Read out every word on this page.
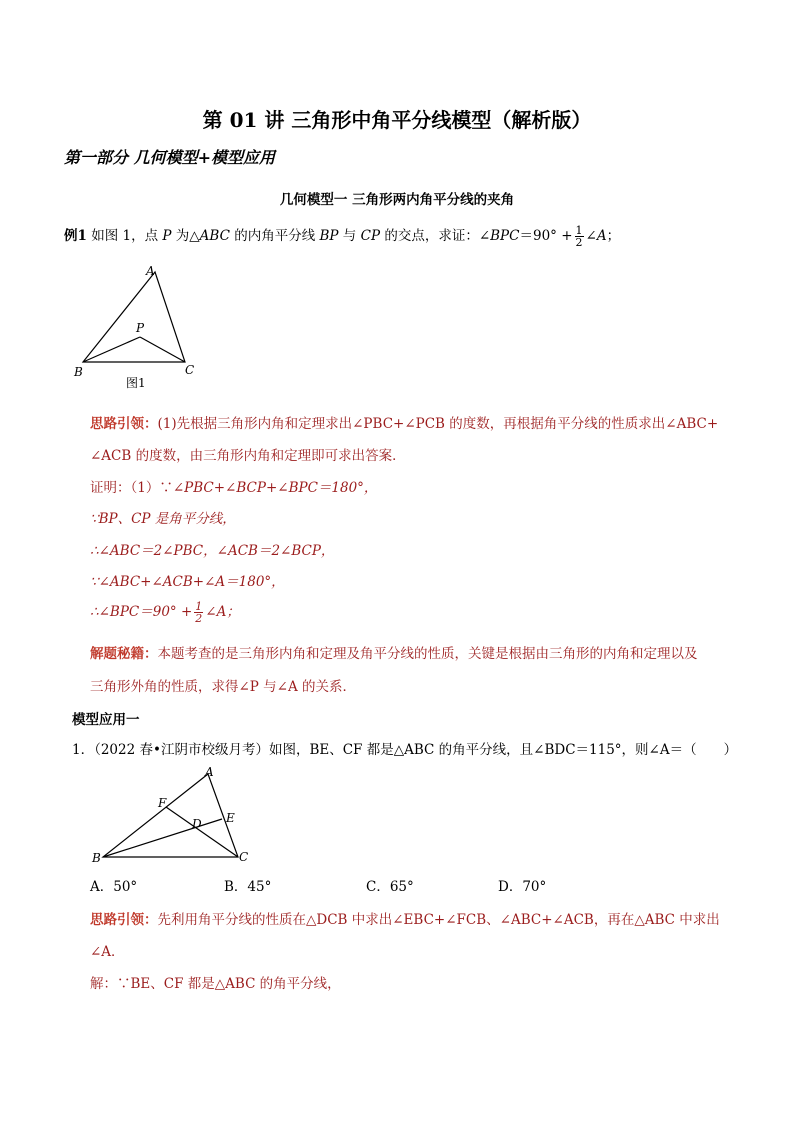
第 01 讲 三角形中角平分线模型（解析版）
第一部分 几何模型+模型应用
几何模型一 三角形两内角平分线的夹角
例1 如图 1，点 P 为△ABC 的内角平分线 BP 与 CP 的交点，求证：∠BPC＝90° + $\frac{1}{2}$ ∠A；
A
B	C
P
图1
思路引领：(1)先根据三角形内角和定理求出∠PBC+∠PCB 的度数，再根据角平分线的性质求出∠ABC+
∠ACB 的度数，由三角形内角和定理即可求出答案．
证明：（1）∵∠PBC+∠BCP+∠BPC＝180°，
∵BP、CP 是角平分线，
∴∠ABC＝2∠PBC，∠ACB＝2∠BCP，
∵∠ABC+∠ACB+∠A＝180°，
∴∠BPC＝90° + $\frac{1}{2}$ ∠A；
解题秘籍：本题考查的是三角形内角和定理及角平分线的性质，关键是根据由三角形的内角和定理以及
三角形外角的性质，求得∠P 与∠A 的关系．
模型应用一
1．（2022 春•江阴市校级月考）如图，BE、CF 都是△ABC 的角平分线，且∠BDC＝115°，则∠A＝（　　）
A
B	C
D E
F
A．50°	B．45°	C．65°	D．70°
思路引领：先利用角平分线的性质在△DCB 中求出∠EBC+∠FCB、∠ABC+∠ACB，再在△ABC 中求出
∠A．
解：∵BE、CF 都是△ABC 的角平分线，
